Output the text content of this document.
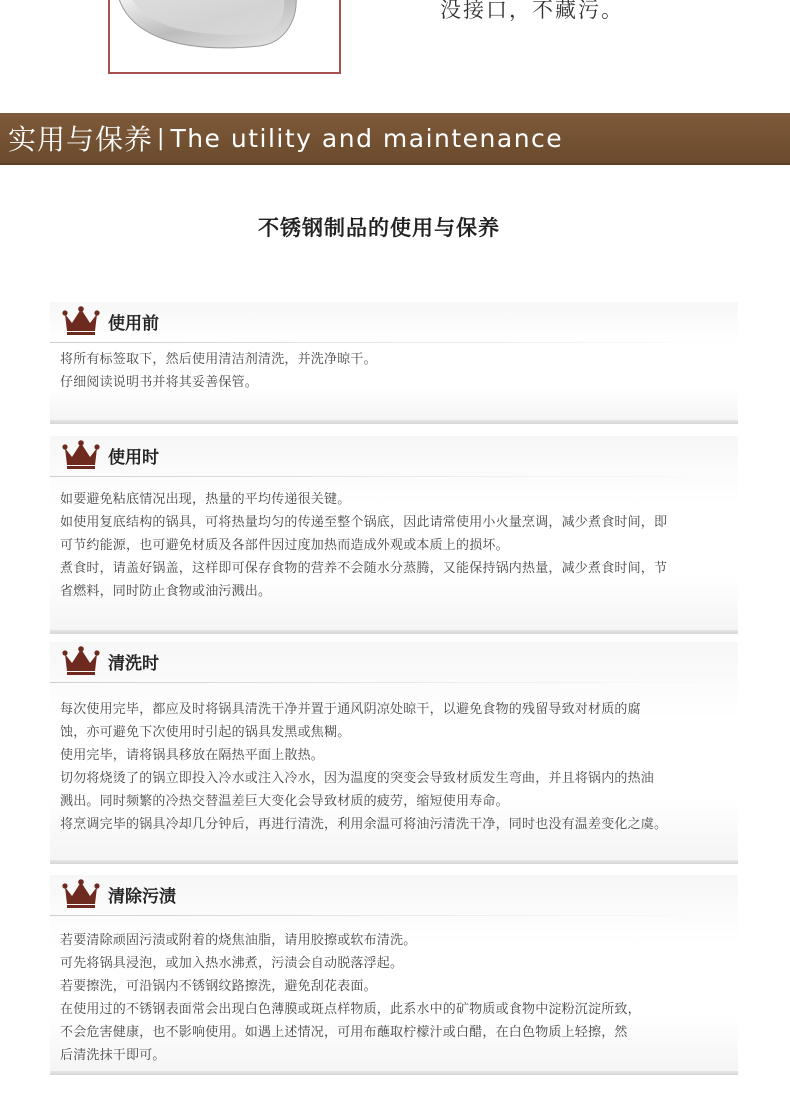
没接口，不藏污。
实用与保养 | The utility and maintenance
不锈钢制品的使用与保养
使用前
将所有标签取下，然后使用清洁剂清洗，并洗净晾干。
仔细阅读说明书并将其妥善保管。
使用时
如要避免粘底情况出现，热量的平均传递很关键。
如使用复底结构的锅具，可将热量均匀的传递至整个锅底，因此请常使用小火量烹调，减少煮食时间，即
可节约能源，也可避免材质及各部件因过度加热而造成外观或本质上的损坏。
煮食时，请盖好锅盖，这样即可保存食物的营养不会随水分蒸腾，又能保持锅内热量，减少煮食时间，节
省燃料，同时防止食物或油污溅出。
清洗时
每次使用完毕，都应及时将锅具清洗干净并置于通风阴凉处晾干，以避免食物的残留导致对材质的腐
蚀，亦可避免下次使用时引起的锅具发黑或焦糊。
使用完毕，请将锅具移放在隔热平面上散热。
切勿将烧烫了的锅立即投入冷水或注入冷水，因为温度的突变会导致材质发生弯曲，并且将锅内的热油
溅出。同时频繁的冷热交替温差巨大变化会导致材质的疲劳，缩短使用寿命。
将烹调完毕的锅具冷却几分钟后，再进行清洗，利用余温可将油污清洗干净，同时也没有温差变化之虞。
清除污渍
若要清除顽固污渍或附着的烧焦油脂，请用胶擦或软布清洗。
可先将锅具浸泡，或加入热水沸煮，污渍会自动脱落浮起。
若要擦洗，可沿锅内不锈钢纹路擦洗，避免刮花表面。
在使用过的不锈钢表面常会出现白色薄膜或斑点样物质，此系水中的矿物质或食物中淀粉沉淀所致，
不会危害健康，也不影响使用。如遇上述情况，可用布蘸取柠檬汁或白醋，在白色物质上轻擦，然
后清洗抹干即可。
